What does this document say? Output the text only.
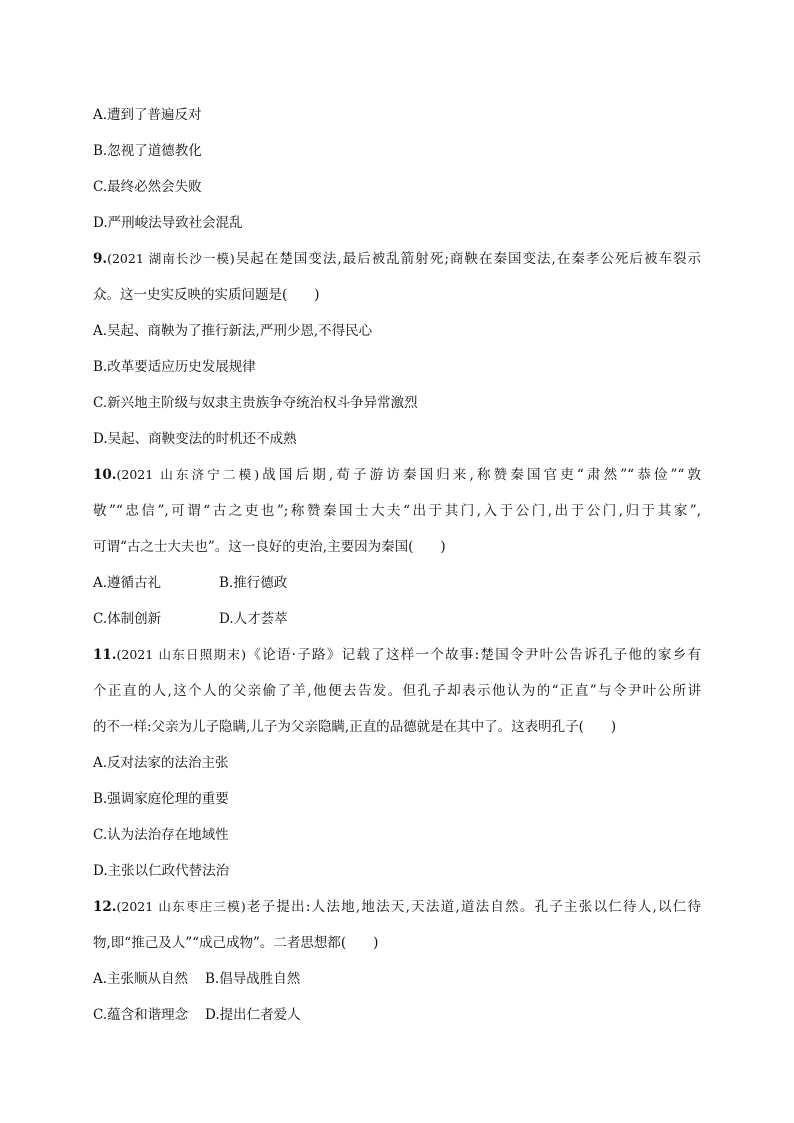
A.遭到了普遍反对
B.忽视了道德教化
C.最终必然会失败
D.严刑峻法导致社会混乱
9.(2021 湖南长沙一模)吴起在楚国变法,最后被乱箭射死;商鞅在秦国变法,在秦孝公死后被车裂示
众。这一史实反映的实质问题是(　　)
A.吴起、商鞅为了推行新法,严刑少恩,不得民心
B.改革要适应历史发展规律
C.新兴地主阶级与奴隶主贵族争夺统治权斗争异常激烈
D.吴起、商鞅变法的时机还不成熟
10.(2021 山东济宁二模)战国后期,荀子游访秦国归来,称赞秦国官吏“肃然”“恭俭”“敦
敬”“忠信”,可谓“古之吏也”;称赞秦国士大夫“出于其门,入于公门,出于公门,归于其家”,
可谓“古之士大夫也”。这一良好的吏治,主要因为秦国(　　)
A.遵循古礼	B.推行德政
C.体制创新	D.人才荟萃
11.(2021 山东日照期末)《论语·子路》记载了这样一个故事:楚国令尹叶公告诉孔子他的家乡有
个正直的人,这个人的父亲偷了羊,他便去告发。但孔子却表示他认为的“正直”与令尹叶公所讲
的不一样:父亲为儿子隐瞒,儿子为父亲隐瞒,正直的品德就是在其中了。这表明孔子(　　)
A.反对法家的法治主张
B.强调家庭伦理的重要
C.认为法治存在地域性
D.主张以仁政代替法治
12.(2021 山东枣庄三模)老子提出:人法地,地法天,天法道,道法自然。孔子主张以仁待人,以仁待
物,即“推己及人”“成己成物”。二者思想都(　　)
A.主张顺从自然 B.倡导战胜自然
C.蕴含和谐理念 D.提出仁者爱人
